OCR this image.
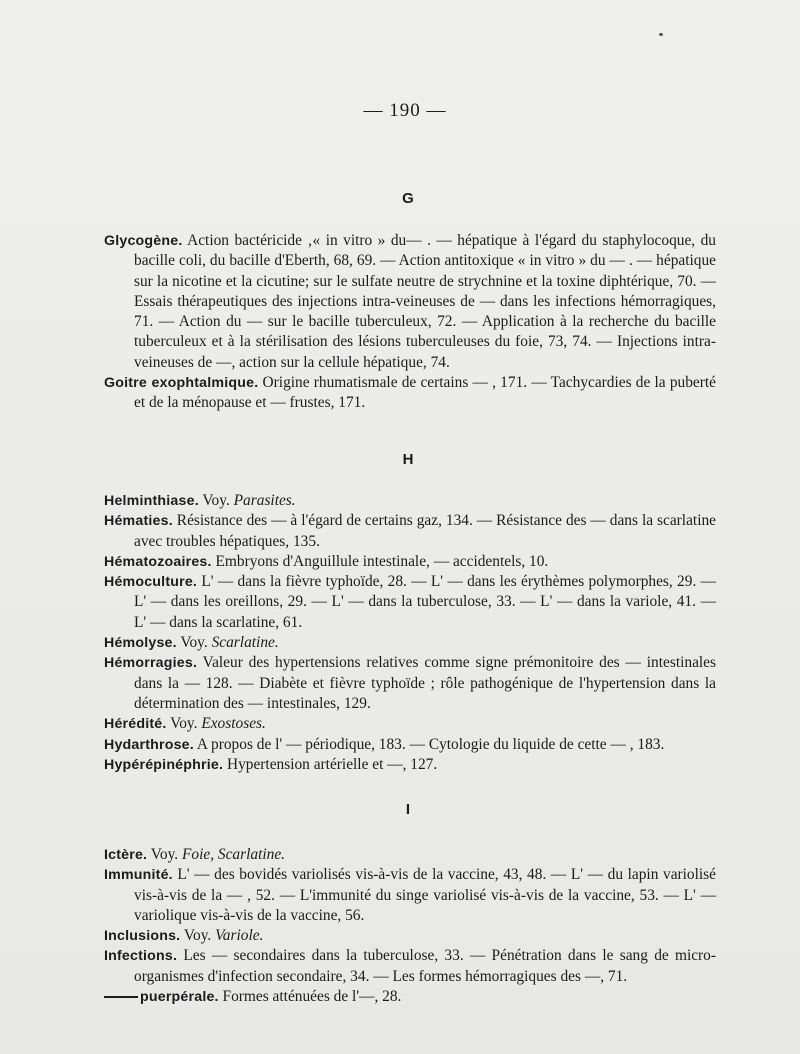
— 190 —
G

Glycogène. Action bactéricide ‚« in vitro » du— . — hépatique à l'égard du staphylocoque, du bacille coli, du bacille d'Eberth, 68, 69. — Action antitoxique « in vitro » du — . — hépatique sur la nicotine et la cicutine; sur le sulfate neutre de strychnine et la toxine diphtérique, 70. — Essais thérapeutiques des injections intra-veineuses de — dans les infections hémorragiques, 71. — Action du — sur le bacille tuberculeux, 72. — Application à la recherche du bacille tuberculeux et à la stérilisation des lésions tuberculeuses du foie, 73, 74. — Injections intra-veineuses de —, action sur la cellule hépatique, 74.

Goitre exophtalmique. Origine rhumatismale de certains — , 171. — Tachycardies de la puberté et de la ménopause et — frustes, 171.

H

Helminthiase. Voy. Parasites.

Hématies. Résistance des — à l'égard de certains gaz, 134. — Résistance des — dans la scarlatine avec troubles hépatiques, 135.

Hématozoaires. Embryons d'Anguillule intestinale, — accidentels, 10.

Hémoculture. L' — dans la fièvre typhoïde, 28. — L' — dans les érythèmes polymorphes, 29. — L' — dans les oreillons, 29. — L' — dans la tuberculose, 33. — L' — dans la variole, 41. — L' — dans la scarlatine, 61.

Hémolyse. Voy. Scarlatine.

Hémorragies. Valeur des hypertensions relatives comme signe prémonitoire des — intestinales dans la — 128. — Diabète et fièvre typhoïde ; rôle pathogénique de l'hypertension dans la détermination des — intestinales, 129.

Hérédité. Voy. Exostoses.

Hydarthrose. A propos de l' — périodique, 183. — Cytologie du liquide de cette — , 183.

Hypérépinéphrie. Hypertension artérielle et —, 127.

I

Ictère. Voy. Foie, Scarlatine.

Immunité. L' — des bovidés variolisés vis-à-vis de la vaccine, 43, 48. — L' — du lapin variolisé vis-à-vis de la — , 52. — L'immunité du singe variolisé vis-à-vis de la vaccine, 53. — L' — variolique vis-à-vis de la vaccine, 56.

Inclusions. Voy. Variole.

Infections. Les — secondaires dans la tuberculose, 33. — Pénétration dans le sang de micro-organismes d'infection secondaire, 34. — Les formes hémorragiques des —, 71.

puerpérale. Formes atténuées de l'—, 28.
